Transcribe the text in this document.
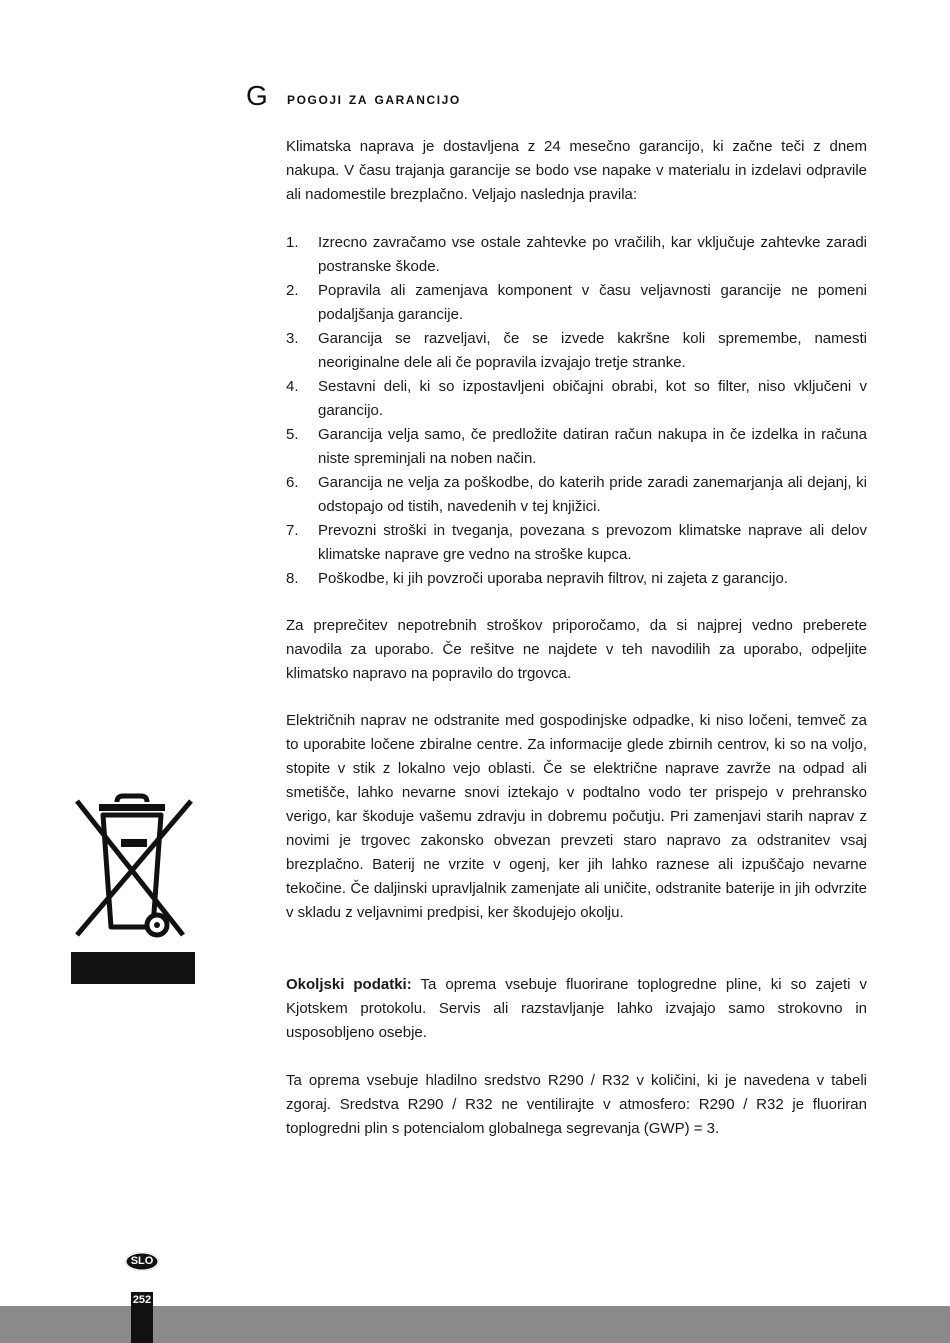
G pogoji za garancijo

Klimatska naprava je dostavljena z 24 mesečno garancijo, ki začne teči z dnem nakupa. V času trajanja garancije se bodo vse napake v materialu in izdelavi odpravile ali nadomestile brezplačno. Veljajo naslednja pravila:

1. Izrecno zavračamo vse ostale zahtevke po vračilih, kar vključuje zahtevke zaradi postranske škode.
2. Popravila ali zamenjava komponent v času veljavnosti garancije ne pomeni podaljšanja garancije.
3. Garancija se razveljavi, če se izvede kakršne koli spremembe, namesti neoriginalne dele ali če popravila izvajajo tretje stranke.
4. Sestavni deli, ki so izpostavljeni običajni obrabi, kot so filter, niso vključeni v garancijo.
5. Garancija velja samo, če predložite datiran račun nakupa in če izdelka in računa niste spreminjali na noben način.
6. Garancija ne velja za poškodbe, do katerih pride zaradi zanemarjanja ali dejanj, ki odstopajo od tistih, navedenih v tej knjižici.
7. Prevozni stroški in tveganja, povezana s prevozom klimatske naprave ali delov klimatske naprave gre vedno na stroške kupca.
8. Poškodbe, ki jih povzroči uporaba nepravih filtrov, ni zajeta z garancijo.

Za preprečitev nepotrebnih stroškov priporočamo, da si najprej vedno preberete navodila za uporabo. Če rešitve ne najdete v teh navodilih za uporabo, odpeljite klimatsko napravo na popravilo do trgovca.

Električnih naprav ne odstranite med gospodinjske odpadke, ki niso ločeni, temveč za to uporabite ločene zbiralne centre. Za informacije glede zbirnih centrov, ki so na voljo, stopite v stik z lokalno vejo oblasti. Če se električne naprave zavrže na odpad ali smetišče, lahko nevarne snovi iztekajo v podtalno vodo ter prispejo v prehransko verigo, kar škoduje vašemu zdravju in dobremu počutju. Pri zamenjavi starih naprav z novimi je trgovec zakonsko obvezan prevzeti staro napravo za odstranitev vsaj brezplačno. Baterij ne vrzite v ogenj, ker jih lahko raznese ali izpuščajo nevarne tekočine. Če daljinski upravljalnik zamenjate ali uničite, odstranite baterije in jih odvrzite v skladu z veljavnimi predpisi, ker škodujejo okolju.

Okoljski podatki: Ta oprema vsebuje fluorirane toplogredne pline, ki so zajeti v Kjotskem protokolu. Servis ali razstavljanje lahko izvajajo samo strokovno in usposobljeno osebje.

Ta oprema vsebuje hladilno sredstvo R290 / R32 v količini, ki je navedena v tabeli zgoraj. Sredstva R290 / R32 ne ventilirajte v atmosfero: R290 / R32 je fluoriran toplogredni plin s potencialom globalnega segrevanja (GWP) = 3.

SLO
252
